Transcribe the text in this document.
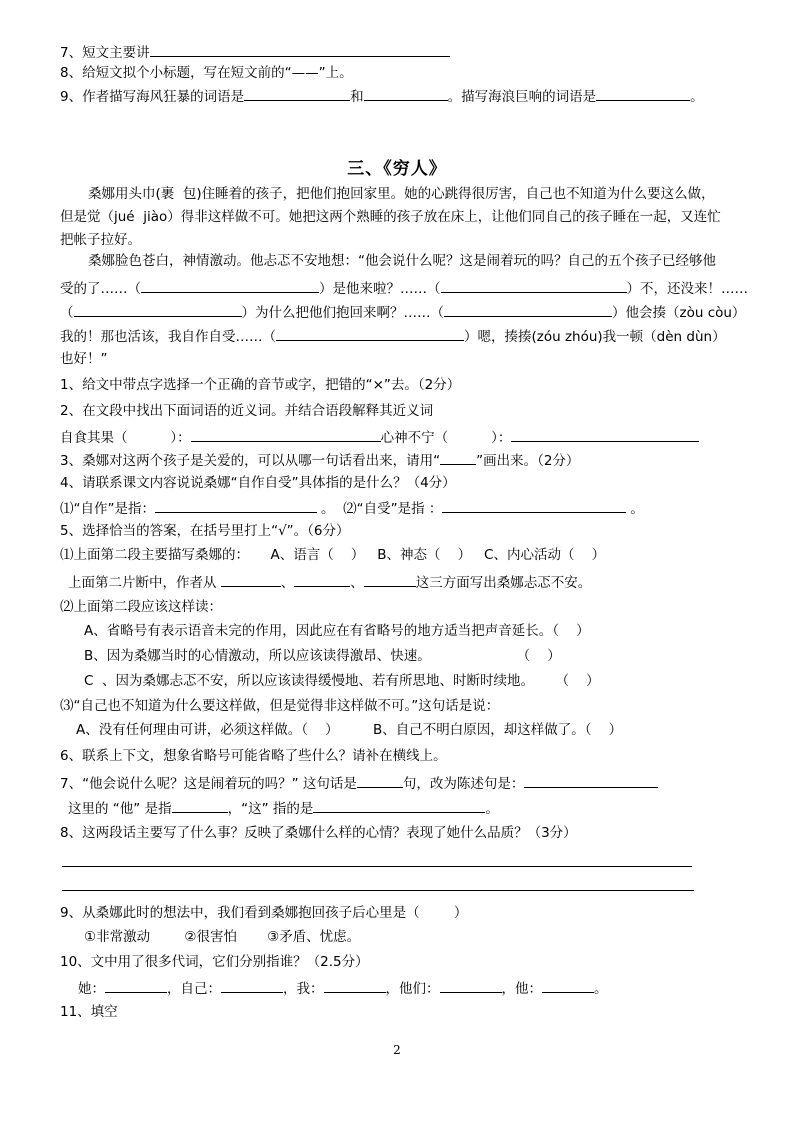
7、短文主要讲
8、给短文拟个小标题，写在短文前的“——”上。
9、作者描写海风狂暴的词语是	和	。描写海浪巨响的词语是	。
三、《穷人》
桑娜用头巾(裹  包)住睡着的孩子，把他们抱回家里。她的心跳得很厉害，自己也不知道为什么要这么做，
但是觉（jué  jiào）得非这样做不可。她把这两个熟睡的孩子放在床上，让他们同自己的孩子睡在一起，又连忙
把帐子拉好。
桑娜脸色苍白，神情激动。他忐忑不安地想：“他会说什么呢？这是闹着玩的吗？自己的五个孩子已经够他
受的了……（	）是他来啦？……（	）不，还没来！……
（	）为什么把他们抱回来啊？……（	）他会揍（zòu còu）
我的！那也活该，我自作自受……（	）嗯，揍揍(zóu zhóu)我一顿（dèn dùn）
也好！”
1、给文中带点字选择一个正确的音节或字，把错的“×”去。（2分）
2、在文段中找出下面词语的近义词。并结合语段解释其近义词
自食其果（          ）：	心神不宁（          ）：
3、桑娜对这两个孩子是关爱的，可以从哪一句话看出来，请用“	”画出来。（2分）
4、请联系课文内容说说桑娜“自作自受”具体指的是什么？（4分）
⑴“自作”是指：	。  ⑵“自受”是指 ：	。
5、选择恰当的答案，在括号里打上“√”。（6分）
⑴上面第二段主要描写桑娜的：     A、语言（    ）   B、神态（    ）   C、内心活动（    ）
上面第二片断中，作者从	、	、	这三方面写出桑娜忐忑不安。
⑵上面第二段应该这样读：
A、省略号有表示语音未完的作用，因此应在有省略号的地方适当把声音延长。（    ）
B、因为桑娜当时的心情激动，所以应该读得激昂、快速。                    （    ）
C  、因为桑娜忐忑不安，所以应该读得缓慢地、若有所思地、时断时续地。     （    ）
⑶“自己也不知道为什么要这样做，但是觉得非这样做不可。”这句话是说：
A、没有任何理由可讲，必须这样做。（    ）        B、自己不明白原因，却这样做了。（    ）
6、联系上下文，想象省略号可能省略了些什么？请补在横线上。
7、“他会说什么呢？这是闹着玩的吗？” 这句话是	句，改为陈述句是：
这里的 “他” 是指	，“这” 指的是	。
8、这两段话主要写了什么事？反映了桑娜什么样的心情？表现了她什么品质？（3分）
9、从桑娜此时的想法中，我们看到桑娜抱回孩子后心里是（        ）
①非常激动        ②很害怕       ③矛盾、忧虑。
10、文中用了很多代词，它们分别指谁？（2.5分）
她：	，自己：	，我：	，他们：	，他：	。
11、填空
2
